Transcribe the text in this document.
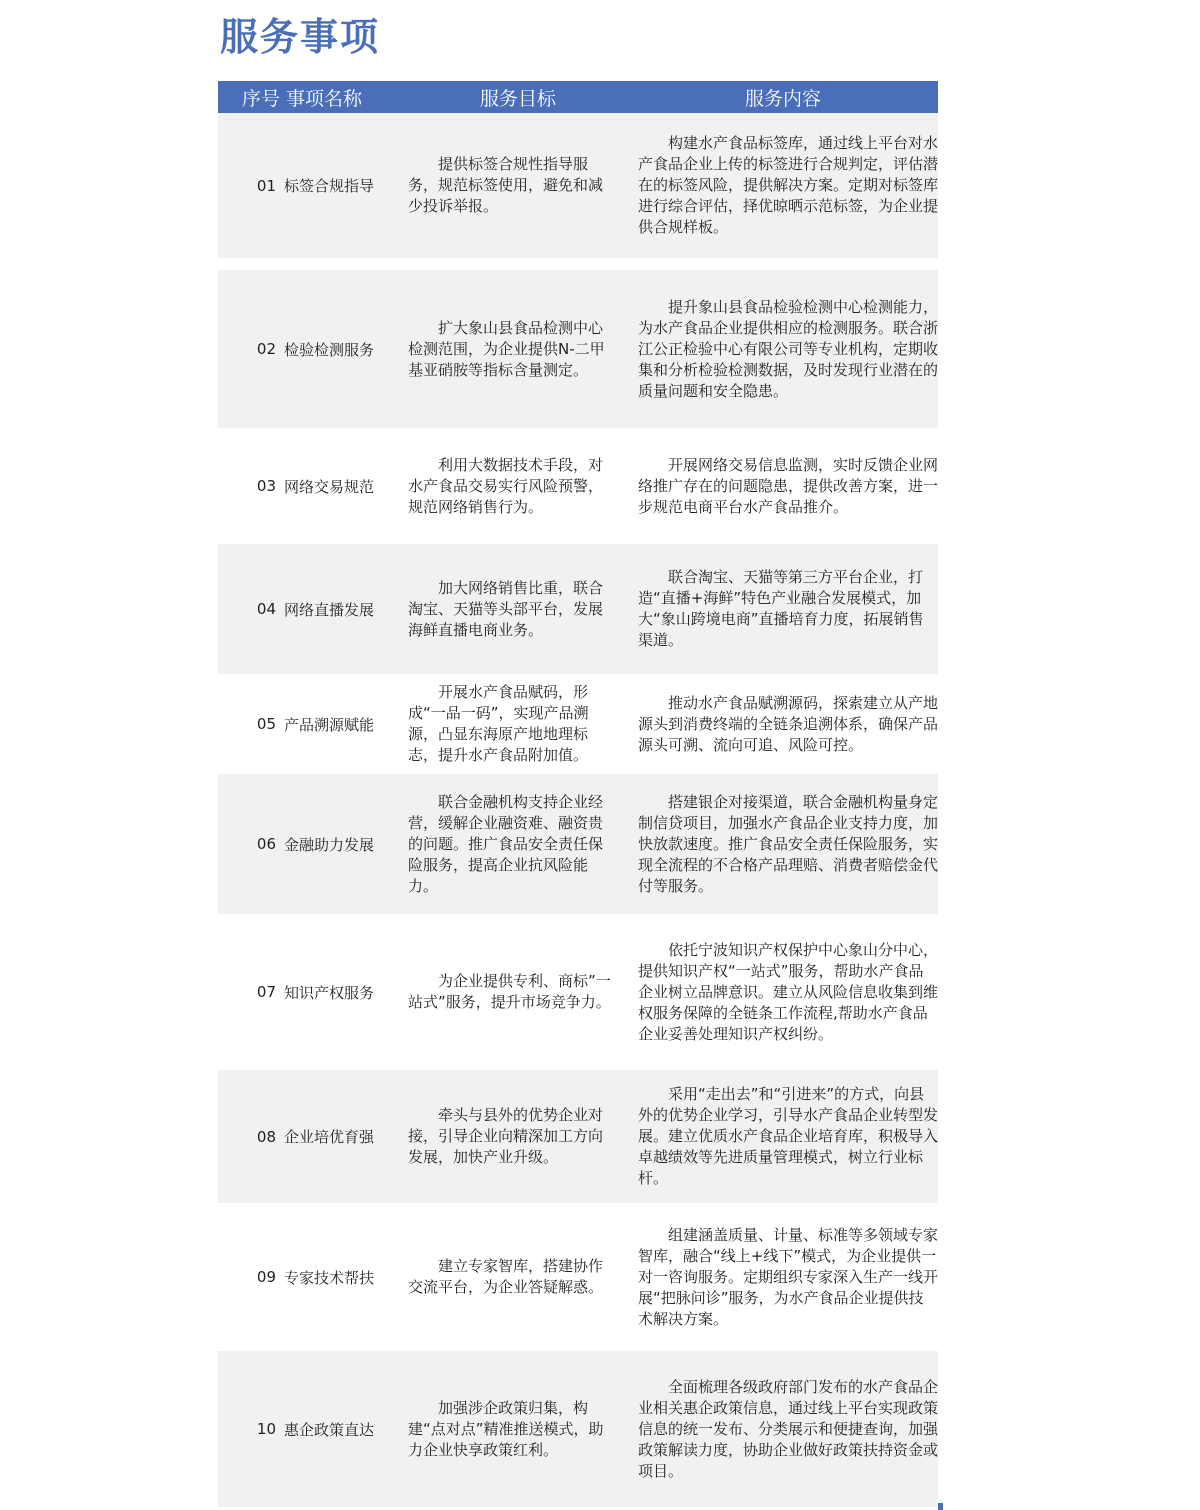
服务事项
序号 事项名称	服务目标	服务内容
01 标签合规指导
提供标签合规性指导服务，规范标签使用，避免和减少投诉举报。
构建水产食品标签库，通过线上平台对水产食品企业上传的标签进行合规判定，评估潜在的标签风险，提供解决方案。定期对标签库进行综合评估，择优晾晒示范标签，为企业提供合规样板。
02 检验检测服务
扩大象山县食品检测中心检测范围，为企业提供N-二甲基亚硝胺等指标含量测定。
提升象山县食品检验检测中心检测能力，为水产食品企业提供相应的检测服务。联合浙江公正检验中心有限公司等专业机构，定期收集和分析检验检测数据，及时发现行业潜在的质量问题和安全隐患。
03 网络交易规范
利用大数据技术手段，对水产食品交易实行风险预警，规范网络销售行为。
开展网络交易信息监测，实时反馈企业网络推广存在的问题隐患，提供改善方案，进一步规范电商平台水产食品推介。
04 网络直播发展
加大网络销售比重，联合淘宝、天猫等头部平台，发展海鲜直播电商业务。
联合淘宝、天猫等第三方平台企业，打造“直播+海鲜”特色产业融合发展模式，加大“象山跨境电商”直播培育力度，拓展销售渠道。
05 产品溯源赋能
开展水产食品赋码，形成“一品一码”，实现产品溯源，凸显东海原产地地理标志，提升水产食品附加值。
推动水产食品赋溯源码，探索建立从产地源头到消费终端的全链条追溯体系，确保产品源头可溯、流向可追、风险可控。
06 金融助力发展
联合金融机构支持企业经营，缓解企业融资难、融资贵的问题。推广食品安全责任保险服务，提高企业抗风险能力。
搭建银企对接渠道，联合金融机构量身定制信贷项目，加强水产食品企业支持力度，加快放款速度。推广食品安全责任保险服务，实现全流程的不合格产品理赔、消费者赔偿金代付等服务。
07 知识产权服务
为企业提供专利、商标”一站式”服务，提升市场竞争力。
依托宁波知识产权保护中心象山分中心，提供知识产权“一站式”服务，帮助水产食品企业树立品牌意识。建立从风险信息收集到维权服务保障的全链条工作流程,帮助水产食品企业妥善处理知识产权纠纷。
08 企业培优育强
牵头与县外的优势企业对接，引导企业向精深加工方向发展，加快产业升级。
采用“走出去”和“引进来”的方式，向县外的优势企业学习，引导水产食品企业转型发展。建立优质水产食品企业培育库，积极导入卓越绩效等先进质量管理模式，树立行业标杆。
09 专家技术帮扶
建立专家智库，搭建协作交流平台，为企业答疑解惑。
组建涵盖质量、计量、标准等多领域专家智库，融合“线上+线下”模式，为企业提供一对一咨询服务。定期组织专家深入生产一线开展“把脉问诊”服务，为水产食品企业提供技术解决方案。
10 惠企政策直达
加强涉企政策归集，构建“点对点”精准推送模式，助力企业快享政策红利。
全面梳理各级政府部门发布的水产食品企业相关惠企政策信息，通过线上平台实现政策信息的统一发布、分类展示和便捷查询，加强政策解读力度，协助企业做好政策扶持资金或项目。
